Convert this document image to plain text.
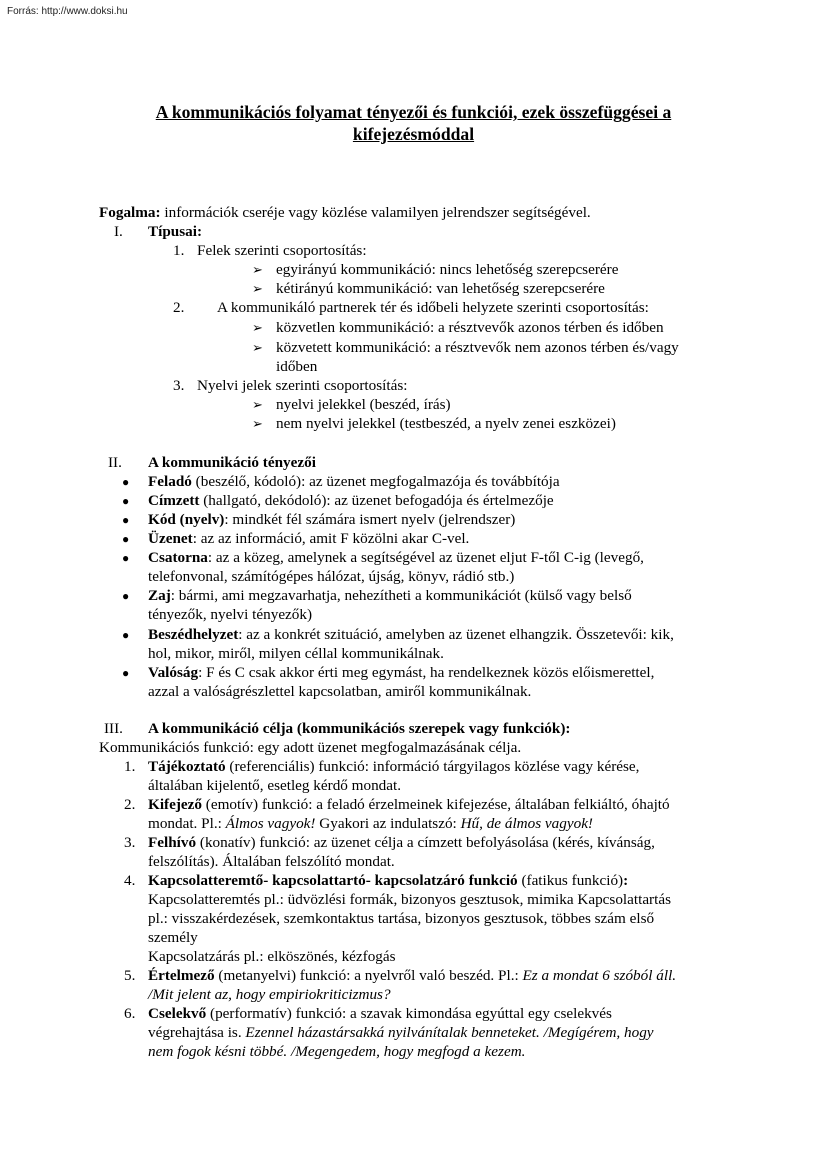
Forrás: http://www.doksi.hu
A kommunikációs folyamat tényezői és funkciói, ezek összefüggései a kifejezésmóddal
Fogalma: információk cseréje vagy közlése valamilyen jelrendszer segítségével.
I. Típusai:
1. Felek szerinti csoportosítás:
➢ egyirányú kommunikáció: nincs lehetőség szerepcserére
➢ kétirányú kommunikáció: van lehetőség szerepcserére
2. A kommunikáló partnerek tér és időbeli helyzete szerinti csoportosítás:
➢ közvetlen kommunikáció: a résztvevők azonos térben és időben
➢ közvetett kommunikáció: a résztvevők nem azonos térben és/vagy
időben
3. Nyelvi jelek szerinti csoportosítás:
➢ nyelvi jelekkel (beszéd, írás)
➢ nem nyelvi jelekkel (testbeszéd, a nyelv zenei eszközei)
II. A kommunikáció tényezői
● Feladó (beszélő, kódoló): az üzenet megfogalmazója és továbbítója
● Címzett (hallgató, dekódoló): az üzenet befogadója és értelmezője
● Kód (nyelv): mindkét fél számára ismert nyelv (jelrendszer)
● Üzenet: az az információ, amit F közölni akar C-vel.
● Csatorna: az a közeg, amelynek a segítségével az üzenet eljut F-től C-ig (levegő,
telefonvonal, számítógépes hálózat, újság, könyv, rádió stb.)
● Zaj: bármi, ami megzavarhatja, nehezítheti a kommunikációt (külső vagy belső
tényezők, nyelvi tényezők)
● Beszédhelyzet: az a konkrét szituáció, amelyben az üzenet elhangzik. Összetevői: kik,
hol, mikor, miről, milyen céllal kommunikálnak.
● Valóság: F és C csak akkor érti meg egymást, ha rendelkeznek közös előismerettel,
azzal a valóságrészlettel kapcsolatban, amiről kommunikálnak.
III. A kommunikáció célja (kommunikációs szerepek vagy funkciók):
Kommunikációs funkció: egy adott üzenet megfogalmazásának célja.
1. Tájékoztató (referenciális) funkció: információ tárgyilagos közlése vagy kérése,
általában kijelentő, esetleg kérdő mondat.
2. Kifejező (emotív) funkció: a feladó érzelmeinek kifejezése, általában felkiáltó, óhajtó
mondat. Pl.: Álmos vagyok! Gyakori az indulatszó: Hű, de álmos vagyok!
3. Felhívó (konatív) funkció: az üzenet célja a címzett befolyásolása (kérés, kívánság,
felszólítás). Általában felszólító mondat.
4. Kapcsolatteremtő- kapcsolattartó- kapcsolatzáró funkció (fatikus funkció):
Kapcsolatteremtés pl.: üdvözlési formák, bizonyos gesztusok, mimika Kapcsolattartás
pl.: visszakérdezések, szemkontaktus tartása, bizonyos gesztusok, többes szám első
személy
Kapcsolatzárás pl.: elköszönés, kézfogás
5. Értelmező (metanyelvi) funkció: a nyelvről való beszéd. Pl.: Ez a mondat 6 szóból áll.
/Mit jelent az, hogy empiriokriticizmus?
6. Cselekvő (performatív) funkció: a szavak kimondása egyúttal egy cselekvés
végrehajtása is. Ezennel házastársakká nyilvánítalak benneteket. /Megígérem, hogy
nem fogok késni többé. /Megengedem, hogy megfogd a kezem.
